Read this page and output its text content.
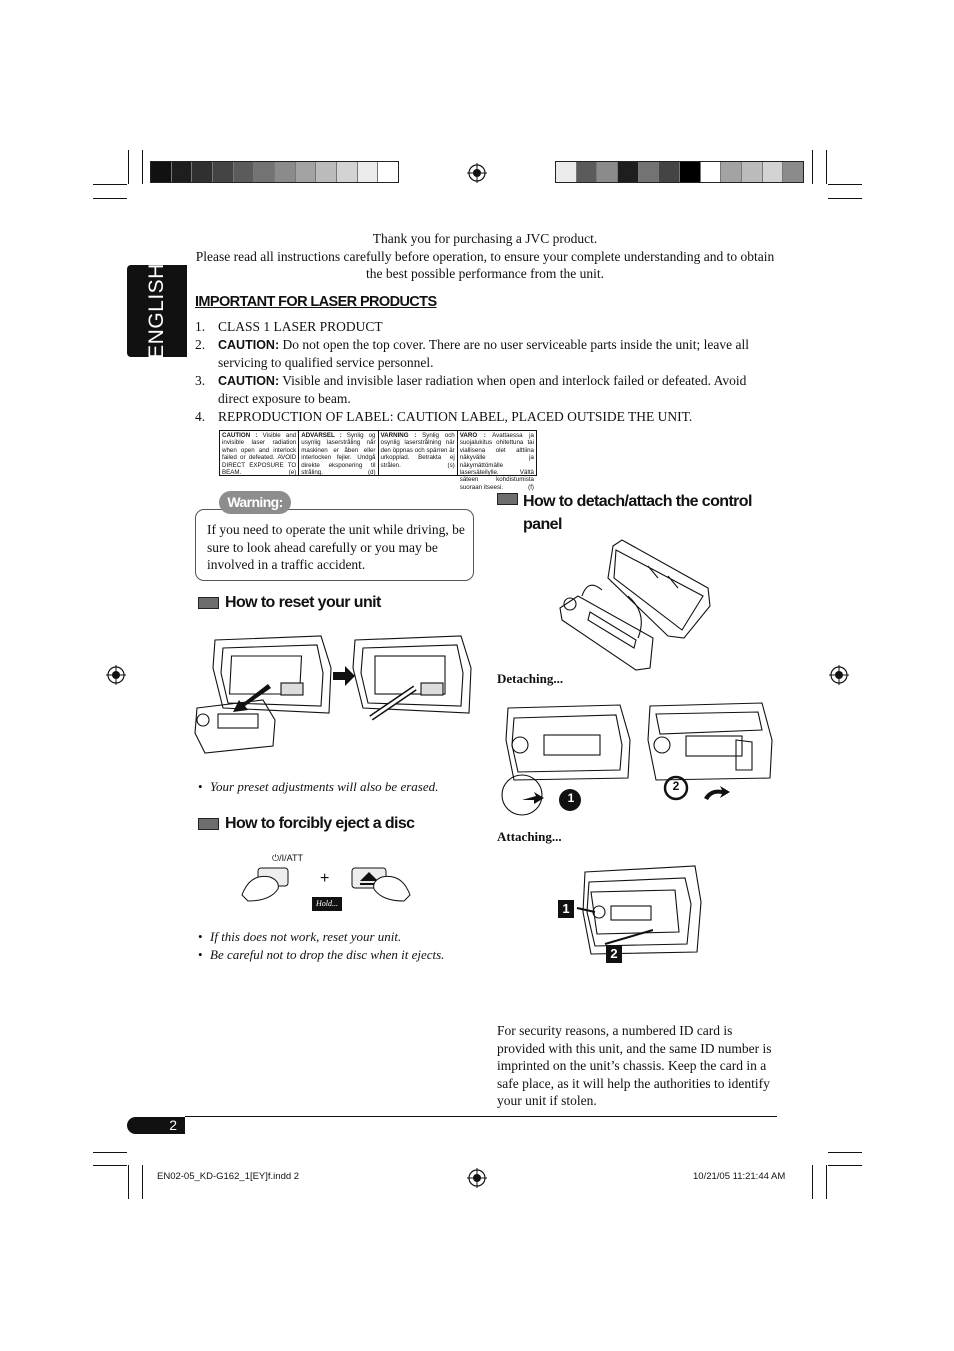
ENGLISH
Thank you for purchasing a JVC product.
Please read all instructions carefully before operation, to ensure your complete understanding and to obtain the best possible performance from the unit.
IMPORTANT FOR LASER PRODUCTS
1. CLASS 1 LASER PRODUCT
2.	CAUTION: Do not open the top cover. There are no user serviceable parts inside the unit; leave all servicing to qualified service personnel.
3.	CAUTION: Visible and invisible laser radiation when open and interlock failed or defeated. Avoid direct exposure to beam.
4. REPRODUCTION OF LABEL: CAUTION LABEL, PLACED OUTSIDE THE UNIT.
CAUTION : Visible and invisible laser radiation when open and interlock failed or defeated. AVOID DIRECT EXPOSURE TO BEAM.	(e)
ADVARSEL : Synlig og usynlig laserstråling når maskinen er åben eller interlocken fejler. Undgå direkte eksponering til stråling.	(d)
VARNING : Synlig och osynlig laserstrålning när den öppnas och spärren är urkopplad. Betrakta ej strålen.	(s)
VARO : Avattaessa ja suojalukitus ohitettuna tai viallisena olet alttiina näkyvälle ja näkymättömälle lasersäteilylle. Vältä säteen kohdistumista suoraan itseesi.	(f)
Warning:
If you need to operate the unit while driving, be sure to look ahead carefully or you may be involved in a traffic accident.
How to reset your unit
• Your preset adjustments will also be erased.
How to forcibly eject a disc
⏻/I/ATT
+
Hold...
• If this does not work, reset your unit.
• Be careful not to drop the disc when it ejects.
How to detach/attach the control
panel
Detaching...
1
2
Attaching...
1
2
For security reasons, a numbered ID card is provided with this unit, and the same ID number is imprinted on the unit’s chassis. Keep the card in a safe place, as it will help the authorities to identify your unit if stolen.
2
EN02-05_KD-G162_1[EY]f.indd 2	10/21/05 11:21:44 AM
